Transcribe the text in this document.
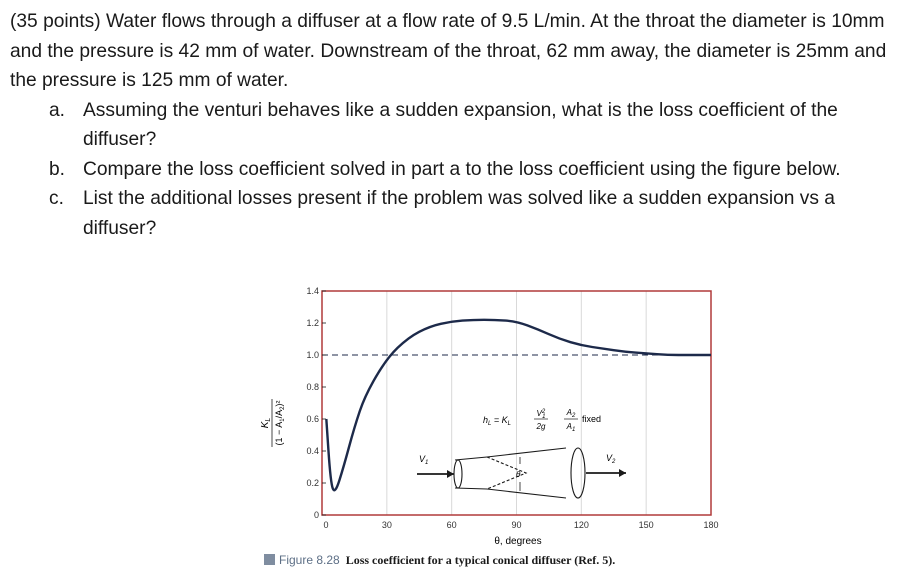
(35 points) Water flows through a diffuser at a flow rate of 9.5 L/min. At the throat the diameter is 10mm and the pressure is 42 mm of water. Downstream of the throat, 62 mm away, the diameter is 25mm and the pressure is 125 mm of water.

a. Assuming the venturi behaves like a sudden expansion, what is the loss coefficient of the diffuser?
b. Compare the loss coefficient solved in part a to the loss coefficient using the figure below.
c. List the additional losses present if the problem was solved like a sudden expansion vs a diffuser?
0
0.2
0.4
0.6
0.8
1.0
1.2
1.4
0	30	60	90	120	150	180
$K_L$
$(1 - A_1/A_2)^2$
$h_L = K_L$
$V^2$ 1
2g
$A_2$
$A_1$
fixed
$V_1$	$V_2$
θ
θ, degrees
Figure 8.28 Loss coefficient for a typical conical diffuser (Ref. 5).
